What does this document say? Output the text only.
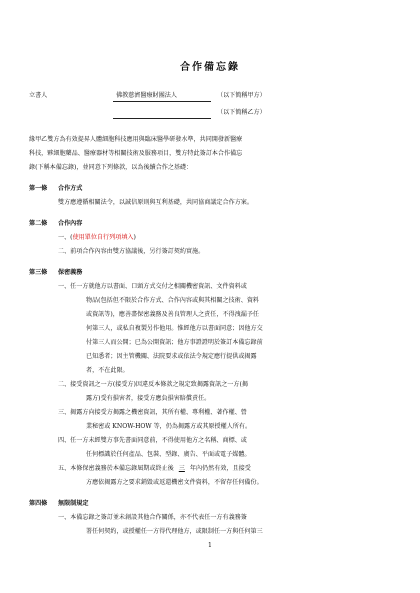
合作備忘錄
立書人	佛教慈濟醫療財團法人	（以下簡稱甲方）
（以下簡稱乙方）
緣甲乙雙方為有效提昇人體細胞科技應用與臨床醫學研發水準，共同開發新醫療
科技，夥細胞藥品、醫療器材等相關技術及服務項目，雙方特此簽訂本合作備忘
錄(下稱本備忘錄)，並同意下列條款，以為後續合作之基礎：
第一條 合作方式
雙方應遵循相關法令，以誠信原則與互利基礎，共同協商議定合作方案。
第二條 合作內容
一、(使用單位自行列項填入)
二、前項合作內容由雙方協議後，另行簽訂契約實施。
第三條 保密義務
一、任一方就他方以書面、口頭方式交付之相關機密資訊、文件資料或
物品(包括但不限於合作方式、合作內容或與其相關之技術、資料
或資訊等)，應善盡保密義務及善良管理人之責任，不得洩漏予任
何第三人，或私自複製另作他用。惟經他方以書面同意；因他方交
付第三人而公開；已為公開資訊；他方事證證明於簽訂本備忘錄前
已知悉者；因主管機關、法院要求或依法令規定應行提供或揭露
者，不在此限。
二、接受資訊之一方(接受方)因違反本條款之規定致揭露資訊之一方(揭
露方)受有損害者，接受方應負損害賠償責任。
三、揭露方向接受方揭露之機密資訊，其所有權、專利權、著作權、營
業秘密或 KNOW-HOW 等，仍為揭露方或其原授權人所有。
四、任一方未經雙方事先書面同意前，不得使用他方之名稱、商標、或
任何標識於任何產品、包裝、型錄、廣告、平面或電子媒體。
五、本條保密義務於本備忘錄屆期或終止後 三 年內仍然有效，且接受
方應依揭露方之要求銷毀或返還機密文件資料，不留存任何備份。
第四條 無限制規定
一、本備忘錄之簽訂並未創設其他合作關係，亦不代表任一方有義務簽
署任何契約，或授權任一方得代理他方，或限制任一方與任何第三
1
